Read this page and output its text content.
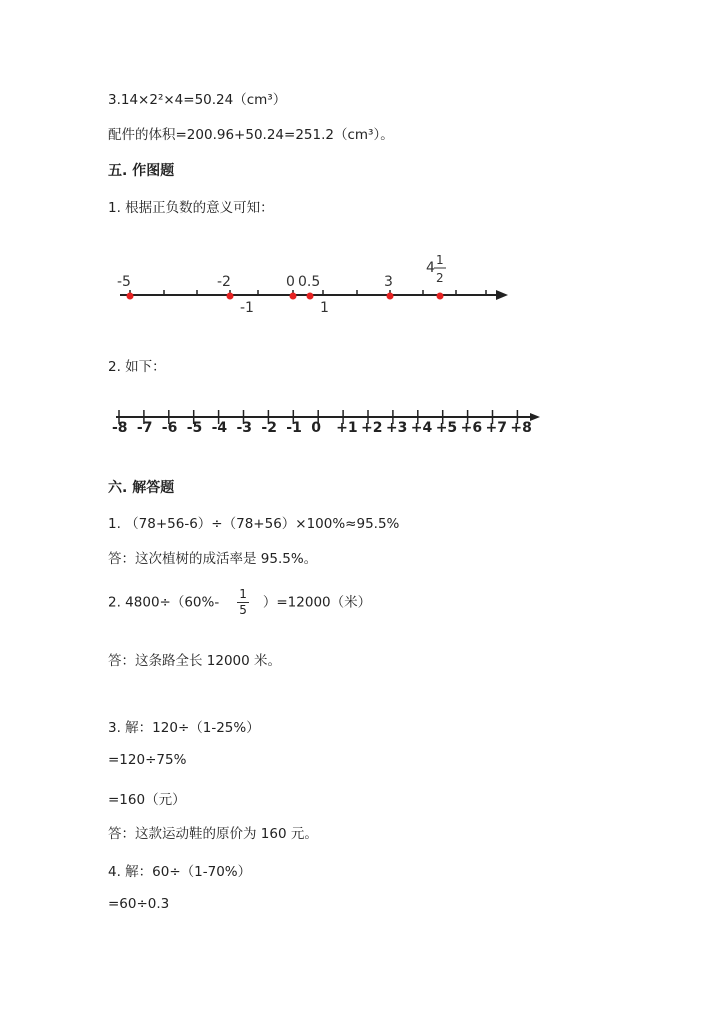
3.14×2²×4=50.24（cm³）
配件的体积=200.96+50.24=251.2（cm³）。
五. 作图题
1. 根据正负数的意义可知：
-5	-2	0 0.5	3
-1	1
4 1
2
2. 如下：
-8 -7 -6 -5 -4 -3 -2 -1 0 +1 +2 +3 +4 +5 +6 +7 +8
六. 解答题
1. （78+56-6）÷（78+56）×100%≈95.5%
答：这次植树的成活率是 95.5%。
2. $4800\div(60\%- \frac{1}{5} )=12000$（米）
答：这条路全长 12000 米。
3. 解：120÷（1-25%）
=120÷75%
=160（元）
答：这款运动鞋的原价为 160 元。
4. 解：60÷（1-70%）
=60÷0.3
